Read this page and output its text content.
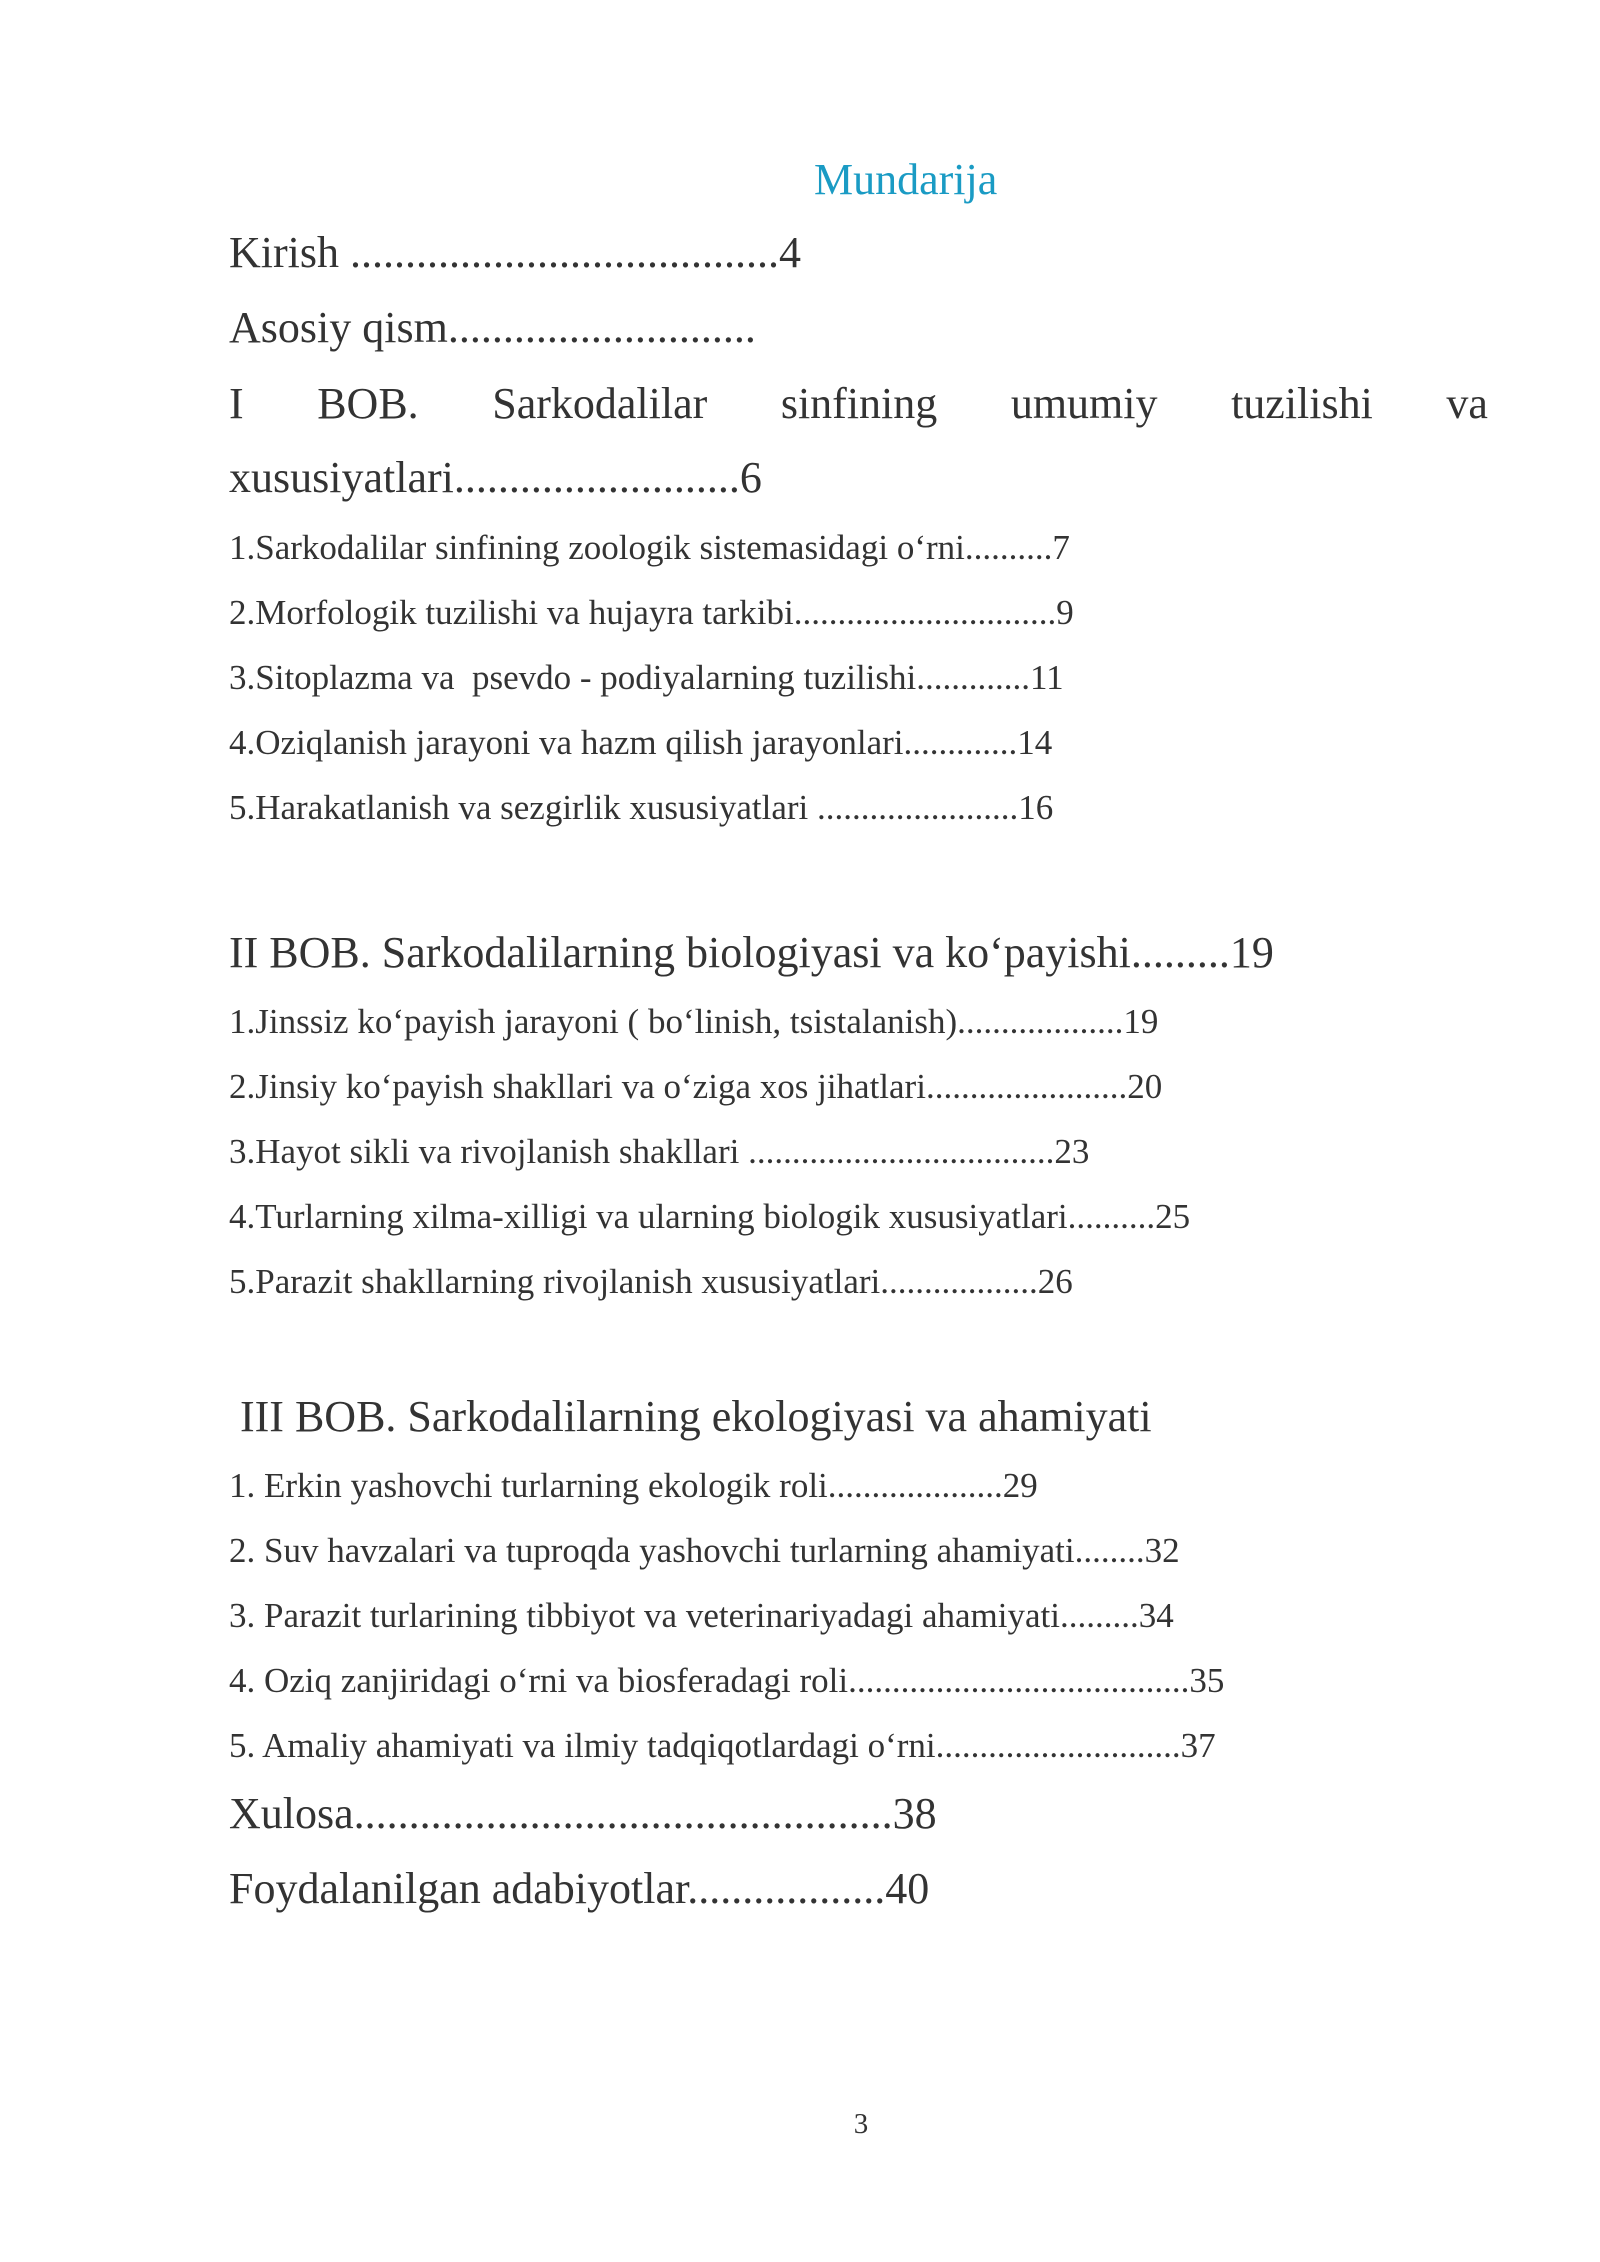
Mundarija
Kirish .......................................4
Asosiy qism............................
I BOB. Sarkodalilar sinfining umumiy tuzilishi va
xususiyatlari..........................6
1.Sarkodalilar sinfining zoologik sistemasidagi o‘rni..........7
2.Morfologik tuzilishi va hujayra tarkibi..............................9
3.Sitoplazma va  psevdo - podiyalarning tuzilishi.............11
4.Oziqlanish jarayoni va hazm qilish jarayonlari.............14
5.Harakatlanish va sezgirlik xususiyatlari .......................16
II BOB. Sarkodalilarning biologiyasi va ko‘payishi.........19
1.Jinssiz ko‘payish jarayoni ( bo‘linish, tsistalanish)...................19
2.Jinsiy ko‘payish shakllari va o‘ziga xos jihatlari.......................20
3.Hayot sikli va rivojlanish shakllari ...................................23
4.Turlarning xilma-xilligi va ularning biologik xususiyatlari..........25
5.Parazit shakllarning rivojlanish xususiyatlari..................26
III BOB. Sarkodalilarning ekologiyasi va ahamiyati
1. Erkin yashovchi turlarning ekologik roli....................29
2. Suv havzalari va tuproqda yashovchi turlarning ahamiyati........32
3. Parazit turlarining tibbiyot va veterinariyadagi ahamiyati.........34
4. Oziq zanjiridagi o‘rni va biosferadagi roli.......................................35
5. Amaliy ahamiyati va ilmiy tadqiqotlardagi o‘rni............................37
Xulosa.................................................38
Foydalanilgan adabiyotlar..................40
3
